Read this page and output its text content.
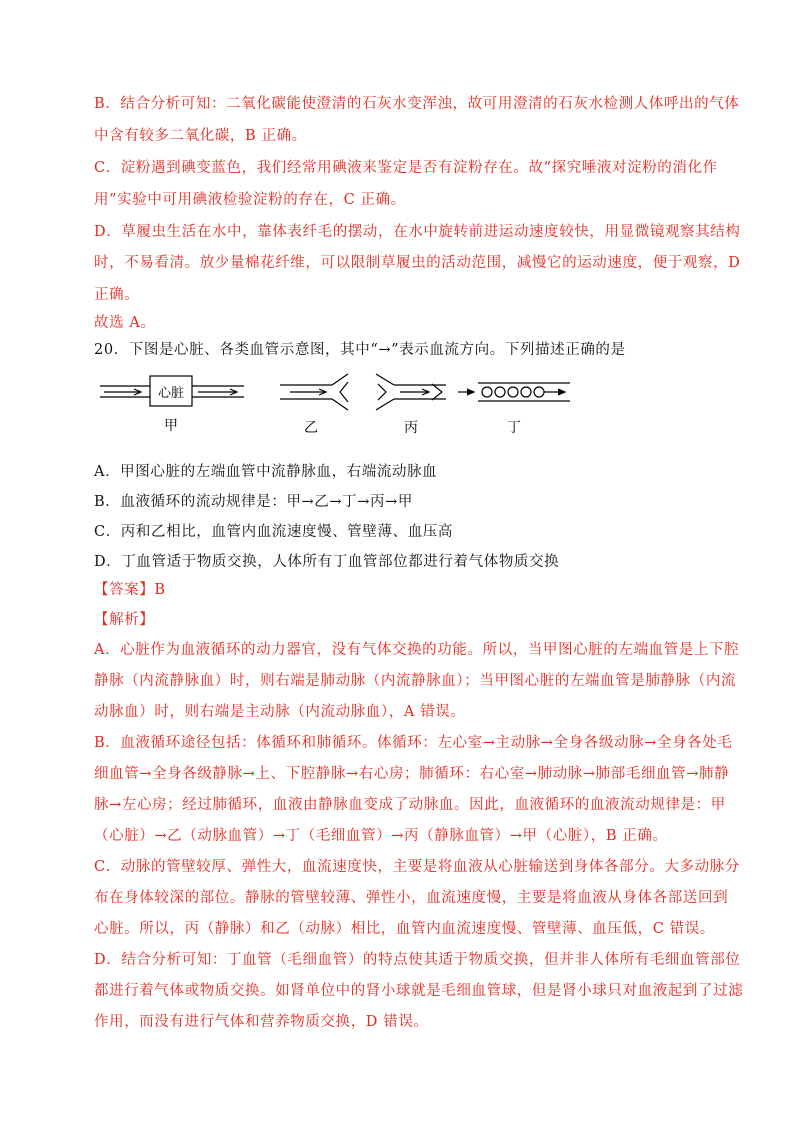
B．结合分析可知：二氧化碳能使澄清的石灰水变浑浊，故可用澄清的石灰水检测人体呼出的气体
中含有较多二氧化碳，B 正确。
C．淀粉遇到碘变蓝色，我们经常用碘液来鉴定是否有淀粉存在。故“探究唾液对淀粉的消化作
用”实验中可用碘液检验淀粉的存在，C 正确。
D．草履虫生活在水中，靠体表纤毛的摆动，在水中旋转前进运动速度较快，用显微镜观察其结构
时，不易看清。放少量棉花纤维，可以限制草履虫的活动范围，减慢它的运动速度，便于观察，D
正确。
故选 A。
20．下图是心脏、各类血管示意图，其中“→”表示血流方向。下列描述正确的是
心脏
甲	乙	丙	丁
A．甲图心脏的左端血管中流静脉血，右端流动脉血
B．血液循环的流动规律是：甲→乙→丁→丙→甲
C．丙和乙相比，血管内血流速度慢、管壁薄、血压高
D．丁血管适于物质交换，人体所有丁血管部位都进行着气体物质交换
【答案】B
【解析】
A．心脏作为血液循环的动力器官，没有气体交换的功能。所以，当甲图心脏的左端血管是上下腔
静脉（内流静脉血）时，则右端是肺动脉（内流静脉血）；当甲图心脏的左端血管是肺静脉（内流
动脉血）时，则右端是主动脉（内流动脉血），A 错误。
B．血液循环途径包括：体循环和肺循环。体循环：左心室→主动脉→全身各级动脉→全身各处毛
细血管→全身各级静脉→上、下腔静脉→右心房；肺循环：右心室→肺动脉→肺部毛细血管→肺静
脉→左心房；经过肺循环，血液由静脉血变成了动脉血。因此，血液循环的血液流动规律是：甲
（心脏）→乙（动脉血管）→丁（毛细血管）→丙（静脉血管）→甲（心脏），B 正确。
C．动脉的管壁较厚、弹性大，血流速度快，主要是将血液从心脏输送到身体各部分。大多动脉分
布在身体较深的部位。静脉的管壁较薄、弹性小，血流速度慢，主要是将血液从身体各部送回到
心脏。所以，丙（静脉）和乙（动脉）相比，血管内血流速度慢、管壁薄、血压低，C 错误。
D．结合分析可知：丁血管（毛细血管）的特点使其适于物质交换，但并非人体所有毛细血管部位
都进行着气体或物质交换。如肾单位中的肾小球就是毛细血管球，但是肾小球只对血液起到了过滤
作用，而没有进行气体和营养物质交换，D 错误。
